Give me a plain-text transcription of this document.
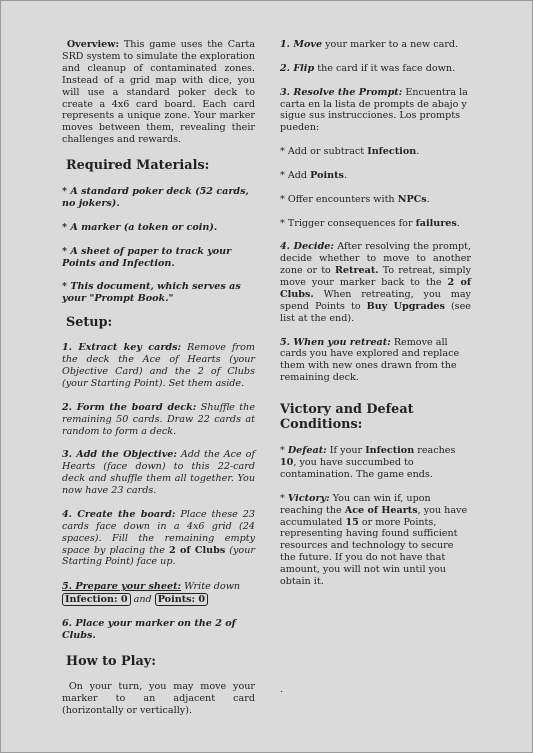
Overview: This game uses the Carta SRD system to simulate the exploration and cleanup of contaminated zones. Instead of a grid map with dice, you will use a standard poker deck to create a 4x6 card board. Each card represents a unique zone. Your marker moves between them, revealing their challenges and rewards.

Required Materials:

* A standard poker deck (52 cards, no jokers).

* A marker (a token or coin).

* A sheet of paper to track your Points and Infection.

* This document, which serves as your "Prompt Book."

Setup:

1. Extract key cards: Remove from the deck the Ace of Hearts (your Objective Card) and the 2 of Clubs (your Starting Point). Set them aside.

2. Form the board deck: Shuffle the remaining 50 cards. Draw 22 cards at random to form a deck.

3. Add the Objective: Add the Ace of Hearts (face down) to this 22-card deck and shuffle them all together. You now have 23 cards.

4. Create the board: Place these 23 cards face down in a 4x6 grid (24 spaces). Fill the remaining empty space by placing the 2 of Clubs (your Starting Point) face up.

5. Prepare your sheet: Write down
Infection: 0 and Points: 0

6. Place your marker on the 2 of Clubs.

How to Play:

On your turn, you may move your marker to an adjacent card (horizontally or vertically).

1. Move your marker to a new card.

2. Flip the card if it was face down.

3. Resolve the Prompt: Encuentra la carta en la lista de prompts de abajo y sigue sus instrucciones. Los prompts pueden:

* Add or subtract Infection.

* Add Points.

* Offer encounters with NPCs.

* Trigger consequences for failures.

4. Decide: After resolving the prompt, decide whether to move to another zone or to Retreat. To retreat, simply move your marker back to the 2 of Clubs. When retreating, you may spend Points to Buy Upgrades (see list at the end).

5. When you retreat: Remove all cards you have explored and replace them with new ones drawn from the remaining deck.

Victory and Defeat Conditions:

* Defeat: If your Infection reaches 10, you have succumbed to contamination. The game ends.

* Victory: You can win if, upon reaching the Ace of Hearts, you have accumulated 15 or more Points, representing having found sufficient resources and technology to secure the future. If you do not have that amount, you will not win until you obtain it.

.
